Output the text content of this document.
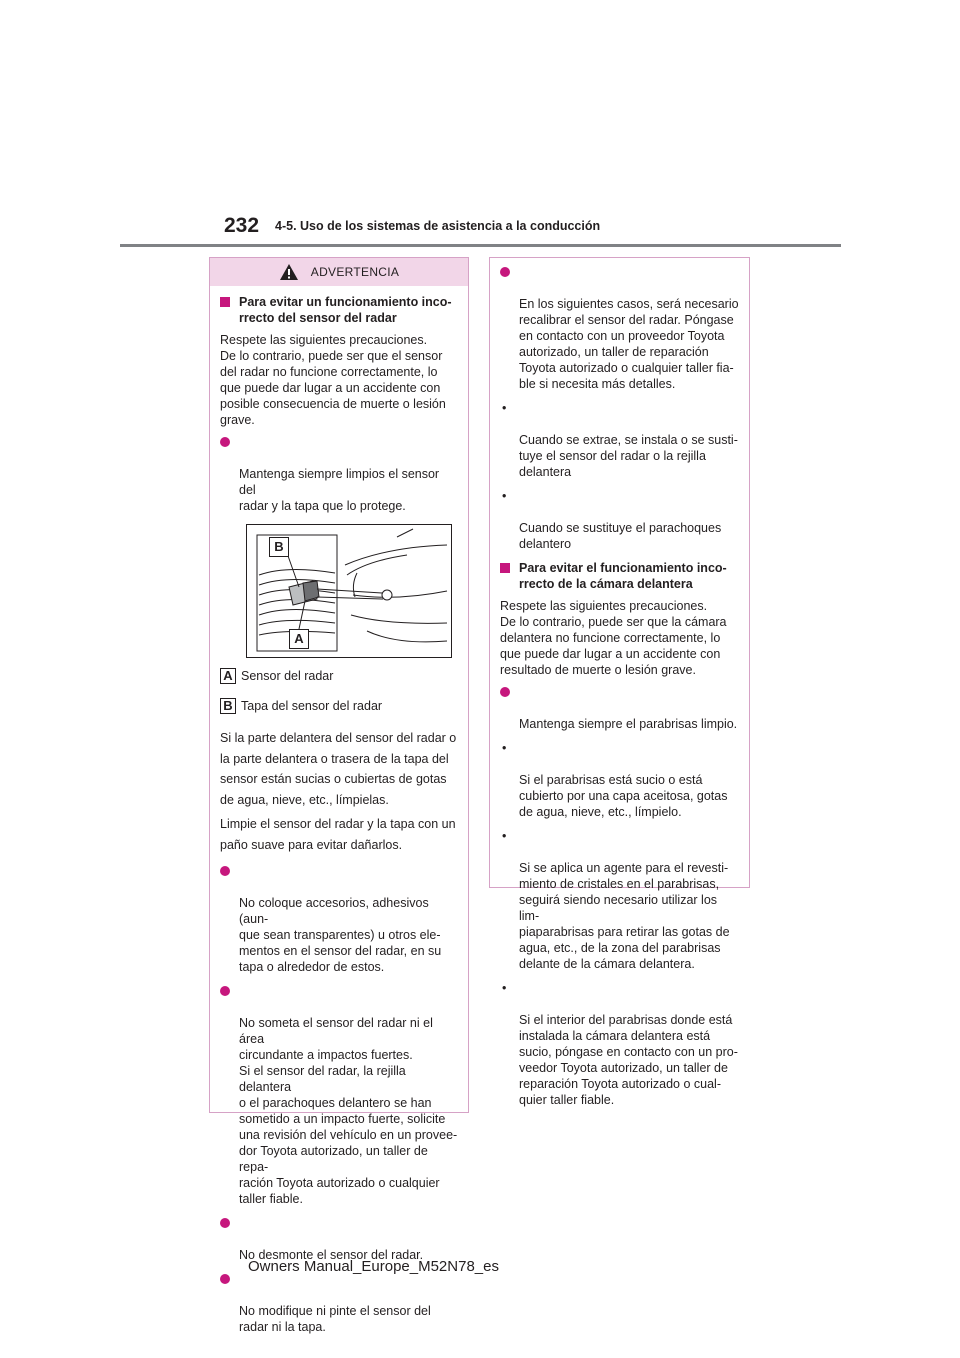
232 4-5. Uso de los sistemas de asistencia a la conducción
ADVERTENCIA
Para evitar un funcionamiento inco-
rrecto del sensor del radar
Respete las siguientes precauciones.
De lo contrario, puede ser que el sensor
del radar no funcione correctamente, lo
que puede dar lugar a un accidente con
posible consecuencia de muerte o lesión
grave.

Mantenga siempre limpios el sensor del
radar y la tapa que lo protege.

B
A
A Sensor del radar
B Tapa del sensor del radar
Si la parte delantera del sensor del radar o
la parte delantera o trasera de la tapa del
sensor están sucias o cubiertas de gotas
de agua, nieve, etc., límpielas.
Limpie el sensor del radar y la tapa con un
paño suave para evitar dañarlos.

No coloque accesorios, adhesivos (aun-
que sean transparentes) u otros ele-
mentos en el sensor del radar, en su
tapa o alrededor de estos.

No someta el sensor del radar ni el área
circundante a impactos fuertes.
Si el sensor del radar, la rejilla delantera
o el parachoques delantero se han
sometido a un impacto fuerte, solicite
una revisión del vehículo en un provee-
dor Toyota autorizado, un taller de repa-
ración Toyota autorizado o cualquier
taller fiable.

No desmonte el sensor del radar.

No modifique ni pinte el sensor del
radar ni la tapa.

En los siguientes casos, será necesario
recalibrar el sensor del radar. Póngase
en contacto con un proveedor Toyota
autorizado, un taller de reparación
Toyota autorizado o cualquier taller fia-
ble si necesita más detalles.

•

Cuando se extrae, se instala o se susti-
tuye el sensor del radar o la rejilla
delantera

•

Cuando se sustituye el parachoques
delantero

Para evitar el funcionamiento inco-
rrecto de la cámara delantera
Respete las siguientes precauciones.
De lo contrario, puede ser que la cámara
delantera no funcione correctamente, lo
que puede dar lugar a un accidente con
resultado de muerte o lesión grave.

Mantenga siempre el parabrisas limpio.

•

Si el parabrisas está sucio o está
cubierto por una capa aceitosa, gotas
de agua, nieve, etc., límpielo.

•

Si se aplica un agente para el revesti-
miento de cristales en el parabrisas,
seguirá siendo necesario utilizar los lim-
piaparabrisas para retirar las gotas de
agua, etc., de la zona del parabrisas
delante de la cámara delantera.

•

Si el interior del parabrisas donde está
instalada la cámara delantera está
sucio, póngase en contacto con un pro-
veedor Toyota autorizado, un taller de
reparación Toyota autorizado o cual-
quier taller fiable.

Owners Manual_Europe_M52N78_es
